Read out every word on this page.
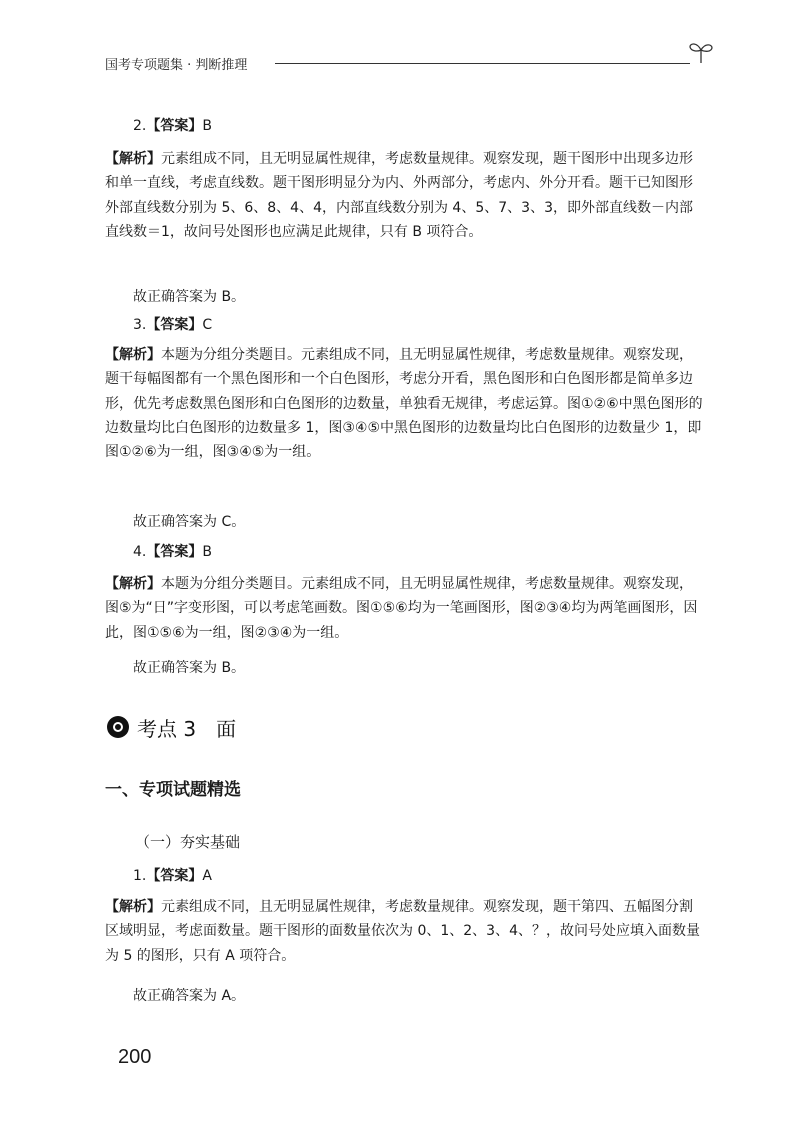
国考专项题集 · 判断推理

2.【答案】B

【解析】元素组成不同，且无明显属性规律，考虑数量规律。观察发现，题干图形中出现多边形和单一直线，考虑直线数。题干图形明显分为内、外两部分，考虑内、外分开看。题干已知图形外部直线数分别为 5、6、8、4、4，内部直线数分别为 4、5、7、3、3，即外部直线数－内部直线数＝1，故问号处图形也应满足此规律，只有 B 项符合。

故正确答案为 B。

3.【答案】C

【解析】本题为分组分类题目。元素组成不同，且无明显属性规律，考虑数量规律。观察发现，题干每幅图都有一个黑色图形和一个白色图形，考虑分开看，黑色图形和白色图形都是简单多边形，优先考虑数黑色图形和白色图形的边数量，单独看无规律，考虑运算。图①②⑥中黑色图形的边数量均比白色图形的边数量多 1，图③④⑤中黑色图形的边数量均比白色图形的边数量少 1，即图①②⑥为一组，图③④⑤为一组。

故正确答案为 C。

4.【答案】B

【解析】本题为分组分类题目。元素组成不同，且无明显属性规律，考虑数量规律。观察发现，图⑤为“日”字变形图，可以考虑笔画数。图①⑤⑥均为一笔画图形，图②③④均为两笔画图形，因此，图①⑤⑥为一组，图②③④为一组。

故正确答案为 B。

考点 3　面
一、专项试题精选
（一）夯实基础

1.【答案】A

【解析】元素组成不同，且无明显属性规律，考虑数量规律。观察发现，题干第四、五幅图分割区域明显，考虑面数量。题干图形的面数量依次为 0、1、2、3、4、？，故问号处应填入面数量为 5 的图形，只有 A 项符合。

故正确答案为 A。

200
